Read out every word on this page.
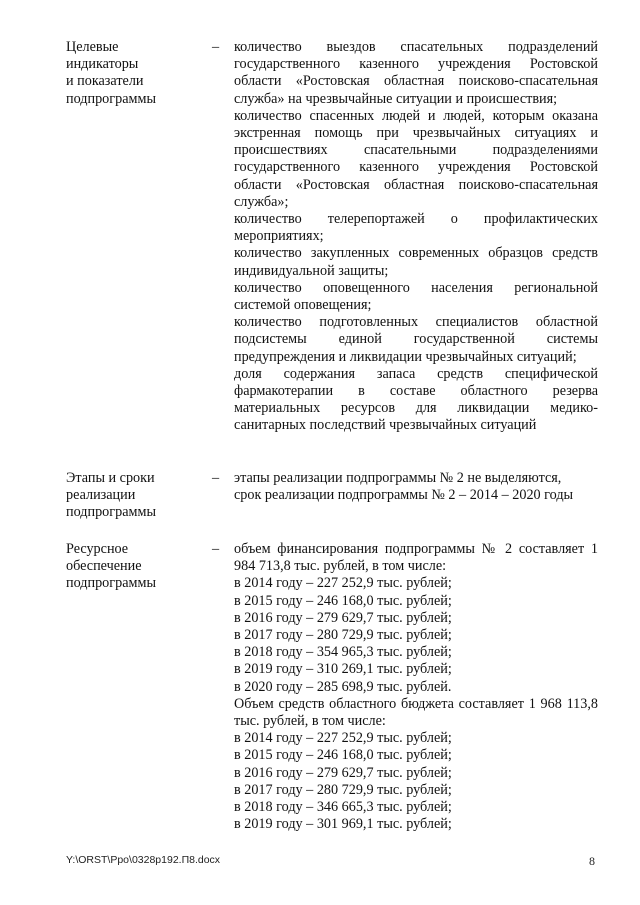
Целевые
индикаторы
и показатели
подпрограммы
– количество выездов спасательных подразделений государственного казенного учреждения Ростовской области «Ростовская областная поисково-спасательная служба» на чрезвычайные ситуации и происшествия;
количество спасенных людей и людей, которым оказана экстренная помощь при чрезвычайных ситуациях и происшествиях спасательными подразделениями государственного казенного учреждения Ростовской области «Ростовская областная поисково-спасательная служба»;
количество телерепортажей о профилактических мероприятиях;
количество закупленных современных образцов средств индивидуальной защиты;
количество оповещенного населения региональной системой оповещения;
количество подготовленных специалистов областной подсистемы единой государственной системы предупреждения и ликвидации чрезвычайных ситуаций;
доля содержания запаса средств специфической фармакотерапии в составе областного резерва материальных ресурсов для ликвидации медико-санитарных последствий чрезвычайных ситуаций
Этапы и сроки
реализации
подпрограммы
– этапы реализации подпрограммы № 2 не выделяются,
срок реализации подпрограммы № 2 – 2014 – 2020 годы
Ресурсное
обеспечение
подпрограммы
– объем финансирования подпрограммы № 2 составляет 1 984 713,8 тыс. рублей, в том числе:
в 2014 году – 227 252,9 тыс. рублей;
в 2015 году – 246 168,0 тыс. рублей;
в 2016 году – 279 629,7 тыс. рублей;
в 2017 году – 280 729,9 тыс. рублей;
в 2018 году – 354 965,3 тыс. рублей;
в 2019 году – 310 269,1 тыс. рублей;
в 2020 году – 285 698,9 тыс. рублей.
Объем средств областного бюджета составляет 1 968 113,8 тыс. рублей, в том числе:
в 2014 году – 227 252,9 тыс. рублей;
в 2015 году – 246 168,0 тыс. рублей;
в 2016 году – 279 629,7 тыс. рублей;
в 2017 году – 280 729,9 тыс. рублей;
в 2018 году – 346 665,3 тыс. рублей;
в 2019 году – 301 969,1 тыс. рублей;
Y:\ORST\Ppo\0328p192.П8.docx	8
